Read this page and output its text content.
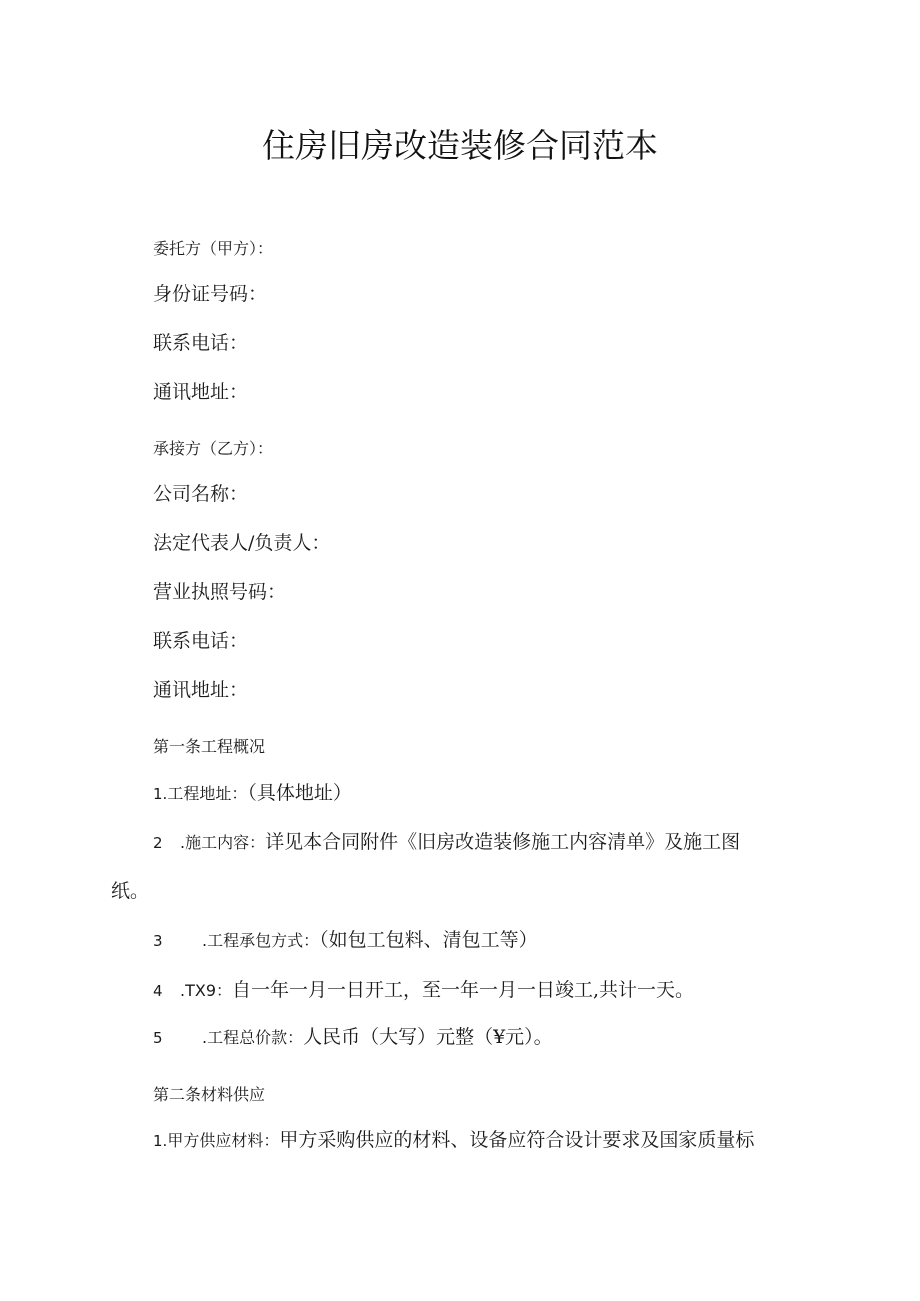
住房旧房改造装修合同范本

委托方（甲方）：

身份证号码：

联系电话：

通讯地址：

承接方（乙方）：

公司名称：

法定代表人/负责人：

营业执照号码：

联系电话：

通讯地址：

第一条工程概况

1.工程地址：（具体地址）

2 .施工内容：详见本合同附件《旧房改造装修施工内容清单》及施工图

纸。

3 .工程承包方式：（如包工包料、清包工等）

4 .TX9：自一年一月一日开工，至一年一月一日竣工,共计一天。

5 .工程总价款：人民币（大写）元整（¥元）。

第二条材料供应

1.甲方供应材料：甲方采购供应的材料、设备应符合设计要求及国家质量标
